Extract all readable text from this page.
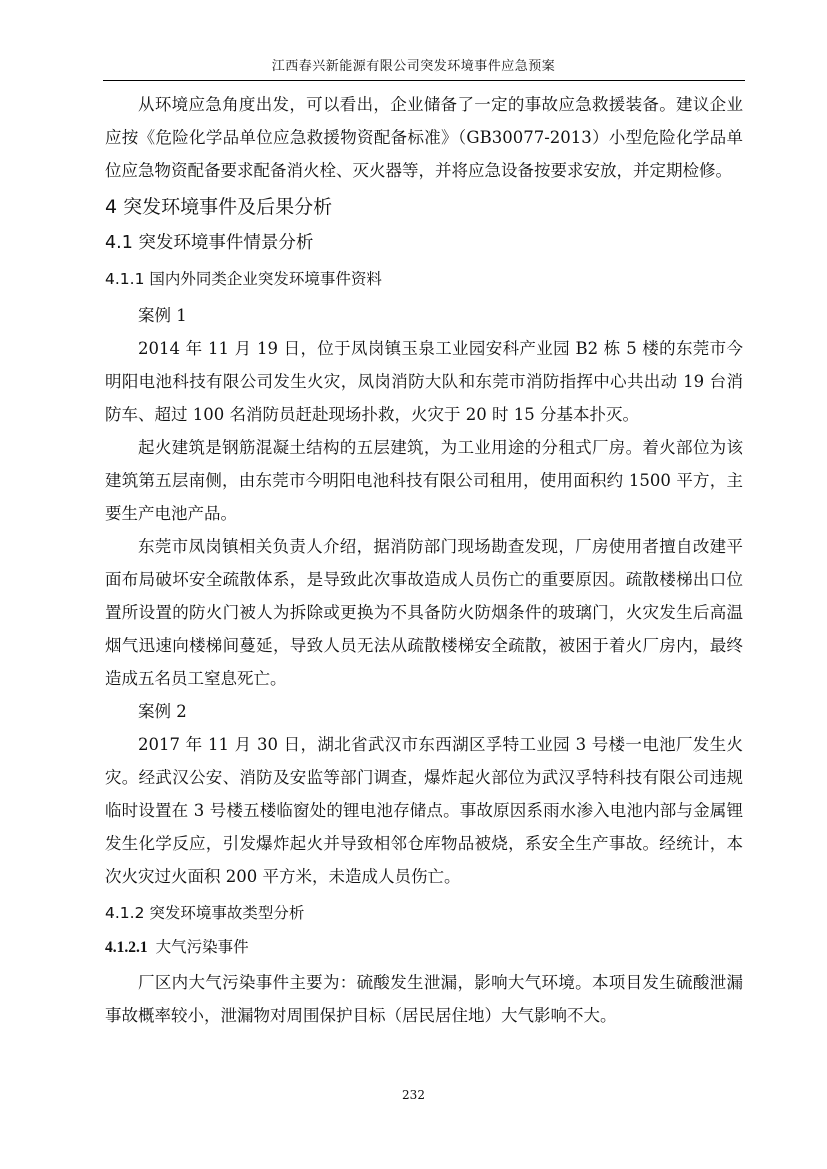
江西春兴新能源有限公司突发环境事件应急预案

从环境应急角度出发，可以看出，企业储备了一定的事故应急救援装备。建议企业应按《危险化学品单位应急救援物资配备标准》（GB30077-2013）小型危险化学品单位应急物资配备要求配备消火栓、灭火器等，并将应急设备按要求安放，并定期检修。

4 突发环境事件及后果分析
4.1 突发环境事件情景分析
4.1.1 国内外同类企业突发环境事件资料
案例 1

2014 年 11 月 19 日，位于凤岗镇玉泉工业园安科产业园 B2 栋 5 楼的东莞市今明阳电池科技有限公司发生火灾，凤岗消防大队和东莞市消防指挥中心共出动 19 台消防车、超过 100 名消防员赶赴现场扑救，火灾于 20 时 15 分基本扑灭。

起火建筑是钢筋混凝土结构的五层建筑，为工业用途的分租式厂房。着火部位为该建筑第五层南侧，由东莞市今明阳电池科技有限公司租用，使用面积约 1500 平方，主要生产电池产品。

东莞市凤岗镇相关负责人介绍，据消防部门现场勘查发现，厂房使用者擅自改建平面布局破坏安全疏散体系，是导致此次事故造成人员伤亡的重要原因。疏散楼梯出口位置所设置的防火门被人为拆除或更换为不具备防火防烟条件的玻璃门，火灾发生后高温烟气迅速向楼梯间蔓延，导致人员无法从疏散楼梯安全疏散，被困于着火厂房内，最终造成五名员工窒息死亡。

案例 2

2017 年 11 月 30 日，湖北省武汉市东西湖区孚特工业园 3 号楼一电池厂发生火灾。经武汉公安、消防及安监等部门调查，爆炸起火部位为武汉孚特科技有限公司违规临时设置在 3 号楼五楼临窗处的锂电池存储点。事故原因系雨水渗入电池内部与金属锂发生化学反应，引发爆炸起火并导致相邻仓库物品被烧，系安全生产事故。经统计，本次火灾过火面积 200 平方米，未造成人员伤亡。

4.1.2 突发环境事故类型分析
4.1.2.1 大气污染事件

厂区内大气污染事件主要为：硫酸发生泄漏，影响大气环境。本项目发生硫酸泄漏事故概率较小，泄漏物对周围保护目标（居民居住地）大气影响不大。

232
